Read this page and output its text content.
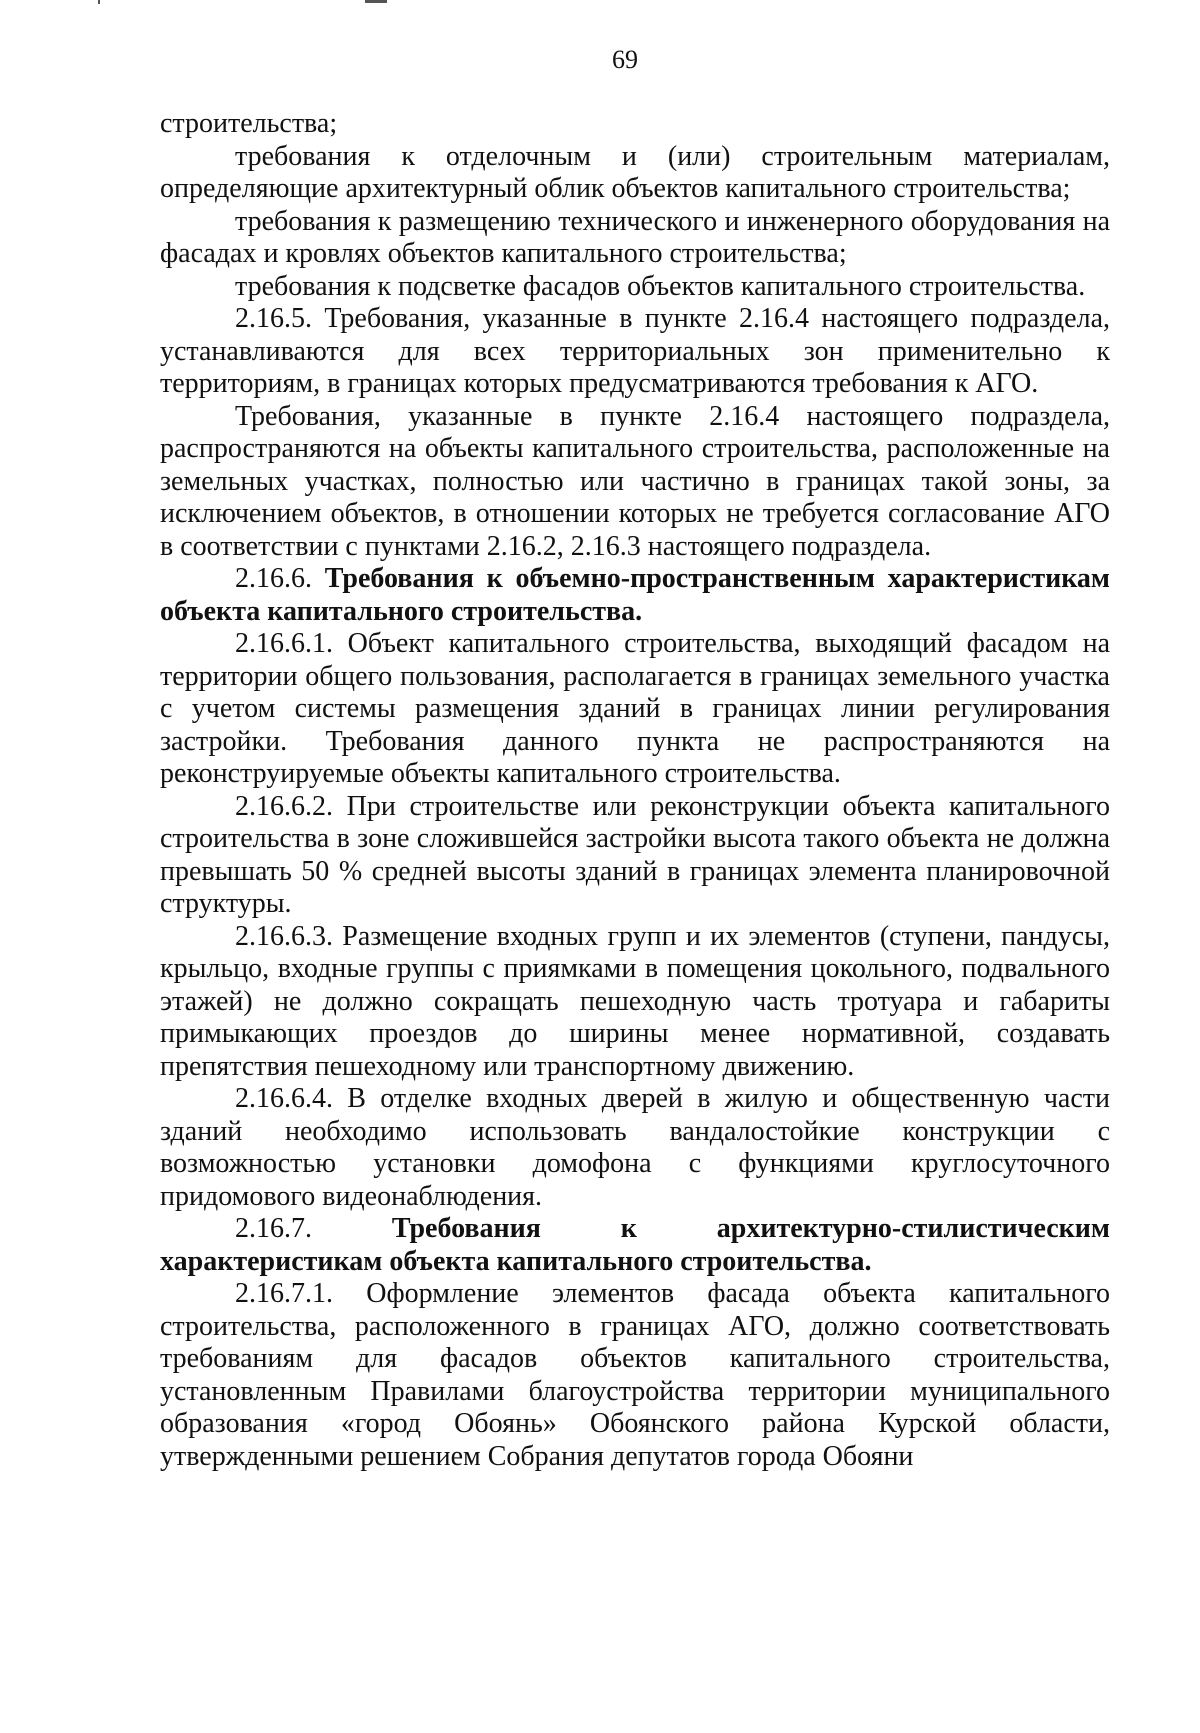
69

строительства;

требования к отделочным и (или) строительным материалам, определяющие архитектурный облик объектов капитального строительства;

требования к размещению технического и инженерного оборудования на фасадах и кровлях объектов капитального строительства;

требования к подсветке фасадов объектов капитального строительства.

2.16.5. Требования, указанные в пункте 2.16.4 настоящего подраздела, устанавливаются для всех территориальных зон применительно к территориям, в границах которых предусматриваются требования к АГО.

Требования, указанные в пункте 2.16.4 настоящего подраздела, распространяются на объекты капитального строительства, расположенные на земельных участках, полностью или частично в границах такой зоны, за исключением объектов, в отношении которых не требуется согласование АГО в соответствии с пунктами 2.16.2, 2.16.3 настоящего подраздела.

2.16.6. Требования к объемно-пространственным характеристикам объекта капитального строительства.

2.16.6.1. Объект капитального строительства, выходящий фасадом на территории общего пользования, располагается в границах земельного участка с учетом системы размещения зданий в границах линии регулирования застройки. Требования данного пункта не распространяются на реконструируемые объекты капитального строительства.

2.16.6.2. При строительстве или реконструкции объекта капитального строительства в зоне сложившейся застройки высота такого объекта не должна превышать 50 % средней высоты зданий в границах элемента планировочной структуры.

2.16.6.3. Размещение входных групп и их элементов (ступени, пандусы, крыльцо, входные группы с приямками в помещения цокольного, подвального этажей) не должно сокращать пешеходную часть тротуара и габариты примыкающих проездов до ширины менее нормативной, создавать препятствия пешеходному или транспортному движению.

2.16.6.4. В отделке входных дверей в жилую и общественную части зданий необходимо использовать вандалостойкие конструкции с возможностью установки домофона с функциями круглосуточного придомового видеонаблюдения.

2.16.7.	Требования к архитектурно-стилистическим характеристикам объекта капитального строительства.

2.16.7.1. Оформление элементов фасада объекта капитального строительства, расположенного в границах АГО, должно соответствовать требованиям для фасадов объектов капитального строительства, установленным Правилами благоустройства территории муниципального образования «город Обоянь» Обоянского района Курской области, утвержденными решением Собрания депутатов города Обояни
